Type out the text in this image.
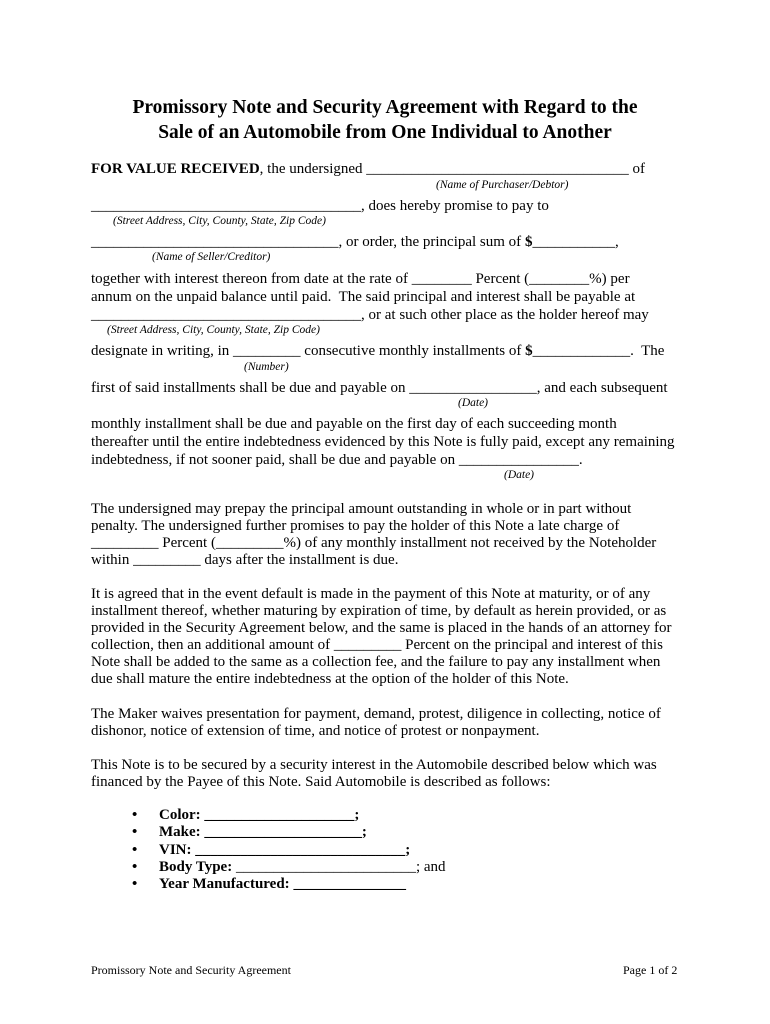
Promissory Note and Security Agreement with Regard to the
Sale of an Automobile from One Individual to Another
FOR VALUE RECEIVED, the undersigned ___________________________________ of
(Name of Purchaser/Debtor)
____________________________________, does hereby promise to pay to
(Street Address, City, County, State, Zip Code)
_________________________________, or order, the principal sum of $___________,
(Name of Seller/Creditor)
together with interest thereon from date at the rate of ________ Percent (________%) per
annum on the unpaid balance until paid.  The said principal and interest shall be payable at
____________________________________, or at such other place as the holder hereof may
(Street Address, City, County, State, Zip Code)
designate in writing, in _________ consecutive monthly installments of $_____________.  The
(Number)
first of said installments shall be due and payable on _________________, and each subsequent
(Date)
monthly installment shall be due and payable on the first day of each succeeding month
thereafter until the entire indebtedness evidenced by this Note is fully paid, except any remaining
indebtedness, if not sooner paid, shall be due and payable on ________________.
(Date)
The undersigned may prepay the principal amount outstanding in whole or in part without
penalty. The undersigned further promises to pay the holder of this Note a late charge of
_________ Percent (_________%) of any monthly installment not received by the Noteholder
within _________ days after the installment is due.
It is agreed that in the event default is made in the payment of this Note at maturity, or of any
installment thereof, whether maturing by expiration of time, by default as herein provided, or as
provided in the Security Agreement below, and the same is placed in the hands of an attorney for
collection, then an additional amount of _________ Percent on the principal and interest of this
Note shall be added to the same as a collection fee, and the failure to pay any installment when
due shall mature the entire indebtedness at the option of the holder of this Note.
The Maker waives presentation for payment, demand, protest, diligence in collecting, notice of
dishonor, notice of extension of time, and notice of protest or nonpayment.
This Note is to be secured by a security interest in the Automobile described below which was
financed by the Payee of this Note. Said Automobile is described as follows:
• Color: ____________________;
• Make: _____________________;
• VIN: ____________________________;
• Body Type: ________________________; and
• Year Manufactured: _______________
Promissory Note and Security Agreement	Page 1 of 2
